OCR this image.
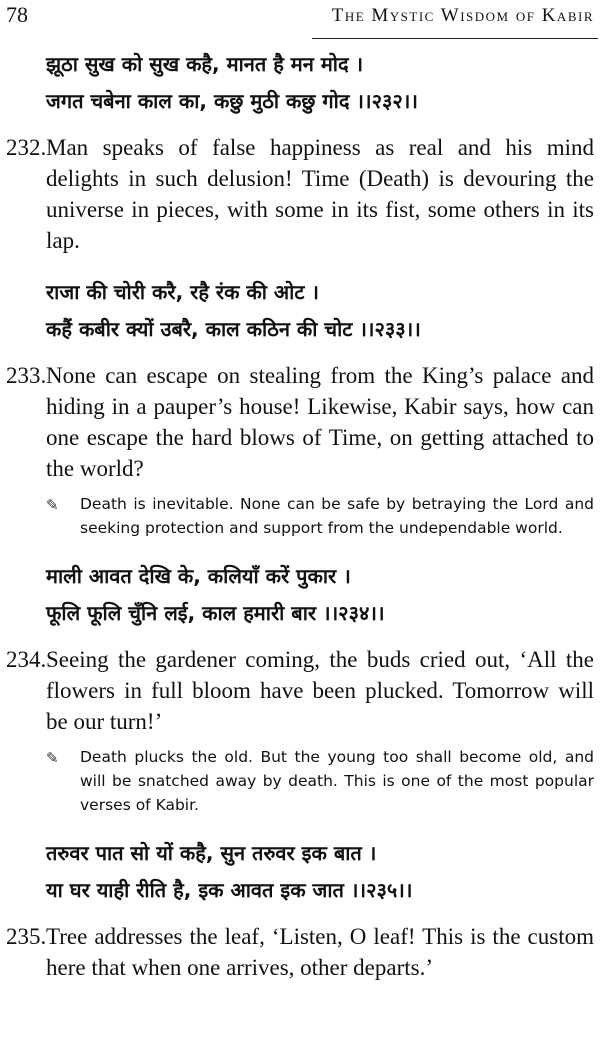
78	The Mystic Wisdom of Kabir
झूठा सुख को सुख कहै, मानत है मन मोद ।
जगत चबेना काल का, कछु मुठी कछु गोद ।।२३२।।
232. Man speaks of false happiness as real and his mind delights in such delusion! Time (Death) is devouring the universe in pieces, with some in its fist, some others in its lap.
राजा की चोरी करै, रहै रंक की ओट ।
कहैं कबीर क्यों उबरै, काल कठिन की चोट ।।२३३।।
233. None can escape on stealing from the King’s palace and hiding in a pauper’s house! Likewise, Kabir says, how can one escape the hard blows of Time, on getting attached to the world?
✎	Death is inevitable. None can be safe by betraying the Lord and seeking protection and support from the undependable world.
माली आवत देखि के, कलियाँ करें पुकार ।
फूलि फूलि चुँनि लई, काल हमारी बार ।।२३४।।
234. Seeing the gardener coming, the buds cried out, ‘All the flowers in full bloom have been plucked. Tomorrow will be our turn!’
✎	Death plucks the old. But the young too shall become old, and will be snatched away by death. This is one of the most popular verses of Kabir.
तरुवर पात सो यों कहै, सुन तरुवर इक बात ।
या घर याही रीति है, इक आवत इक जात ।।२३५।।
235. Tree addresses the leaf, ‘Listen, O leaf! This is the custom here that when one arrives, other departs.’
